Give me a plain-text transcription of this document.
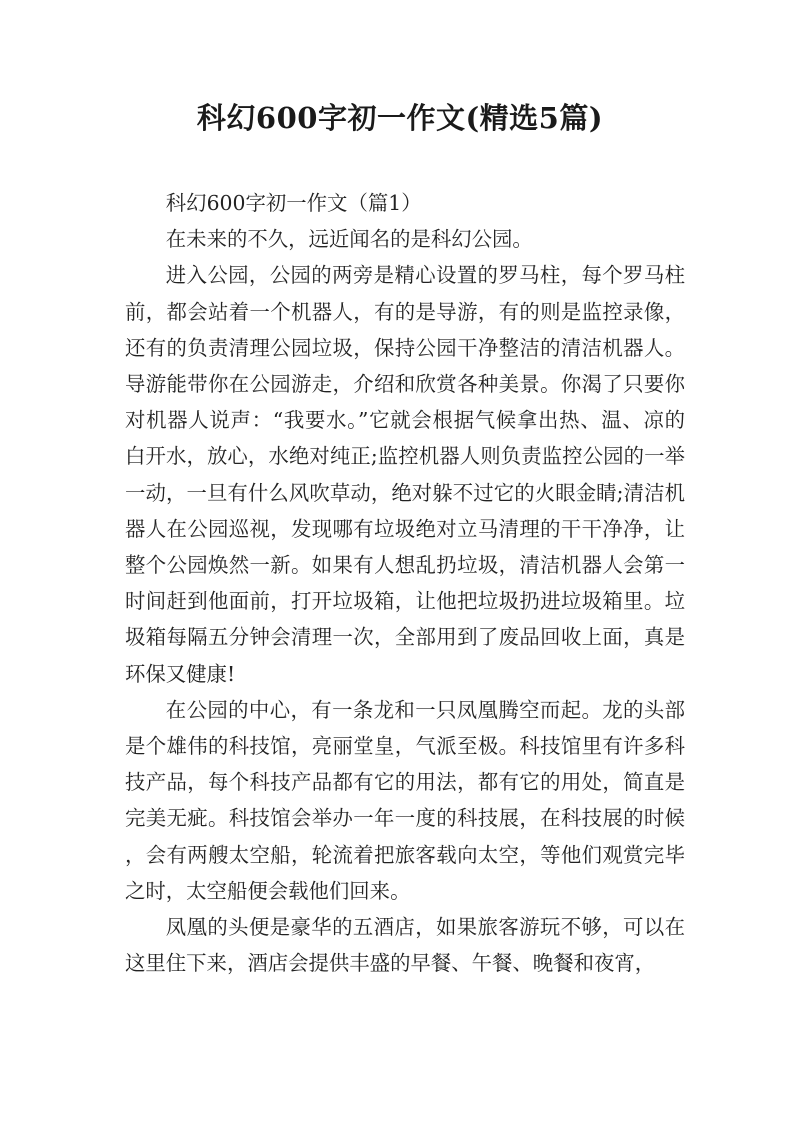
科幻600字初一作文(精选5篇)

科幻600字初一作文（篇1）

在未来的不久，远近闻名的是科幻公园。

进入公园，公园的两旁是精心设置的罗马柱，每个罗马柱前，都会站着一个机器人，有的是导游，有的则是监控录像，还有的负责清理公园垃圾，保持公园干净整洁的清洁机器人。导游能带你在公园游走，介绍和欣赏各种美景。你渴了只要你对机器人说声：“我要水。”它就会根据气候拿出热、温、凉的白开水，放心，水绝对纯正;监控机器人则负责监控公园的一举一动，一旦有什么风吹草动，绝对躲不过它的火眼金睛;清洁机器人在公园巡视，发现哪有垃圾绝对立马清理的干干净净，让整个公园焕然一新。如果有人想乱扔垃圾，清洁机器人会第一时间赶到他面前，打开垃圾箱，让他把垃圾扔进垃圾箱里。垃圾箱每隔五分钟会清理一次，全部用到了废品回收上面，真是环保又健康!

在公园的中心，有一条龙和一只凤凰腾空而起。龙的头部是个雄伟的科技馆，亮丽堂皇，气派至极。科技馆里有许多科技产品，每个科技产品都有它的用法，都有它的用处，简直是完美无疵。科技馆会举办一年一度的科技展，在科技展的时候，会有两艘太空船，轮流着把旅客载向太空，等他们观赏完毕之时，太空船便会载他们回来。

凤凰的头便是豪华的五酒店，如果旅客游玩不够，可以在这里住下来，酒店会提供丰盛的早餐、午餐、晚餐和夜宵，
